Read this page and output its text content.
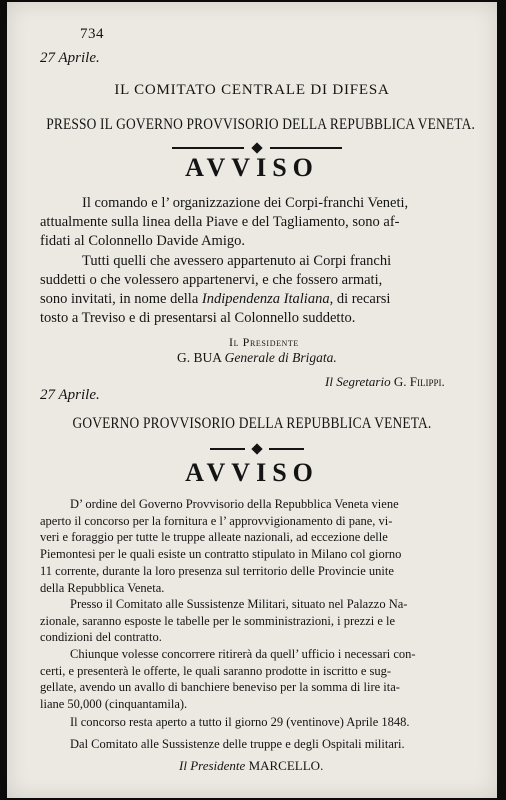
734
27 Aprile.
IL COMITATO CENTRALE DI DIFESA
PRESSO IL GOVERNO PROVVISORIO DELLA REPUBBLICA VENETA.
AVVISO
Il comando e l’ organizzazione dei Corpi-franchi Veneti,
attualmente sulla linea della Piave e del Tagliamento, sono af-
fidati al Colonnello Davide Amigo.
Tutti quelli che avessero appartenuto ai Corpi franchi
suddetti o che volessero appartenervi, e che fossero armati,
sono invitati, in nome della Indipendenza Italiana, di recarsi
tosto a Treviso e di presentarsi al Colonnello suddetto.
Il Presidente
G. BUA Generale di Brigata.
Il Segretario G. Filippi.
27 Aprile.
GOVERNO PROVVISORIO DELLA REPUBBLICA VENETA.
AVVISO
D’ ordine del Governo Provvisorio della Repubblica Veneta viene
aperto il concorso per la fornitura e l’ approvvigionamento di pane, vi-
veri e foraggio per tutte le truppe alleate nazionali, ad eccezione delle
Piemontesi per le quali esiste un contratto stipulato in Milano col giorno
11 corrente, durante la loro presenza sul territorio delle Provincie unite
della Repubblica Veneta.
Presso il Comitato alle Sussistenze Militari, situato nel Palazzo Na-
zionale, saranno esposte le tabelle per le somministrazioni, i prezzi e le
condizioni del contratto.
Chiunque volesse concorrere ritirerà da quell’ ufficio i necessari con-
certi, e presenterà le offerte, le quali saranno prodotte in iscritto e sug-
gellate, avendo un avallo di banchiere beneviso per la somma di lire ita-
liane 50,000 (cinquantamila).
Il concorso resta aperto a tutto il giorno 29 (ventinove) Aprile 1848.
Dal Comitato alle Sussistenze delle truppe e degli Ospitali militari.
Il Presidente MARCELLO.
